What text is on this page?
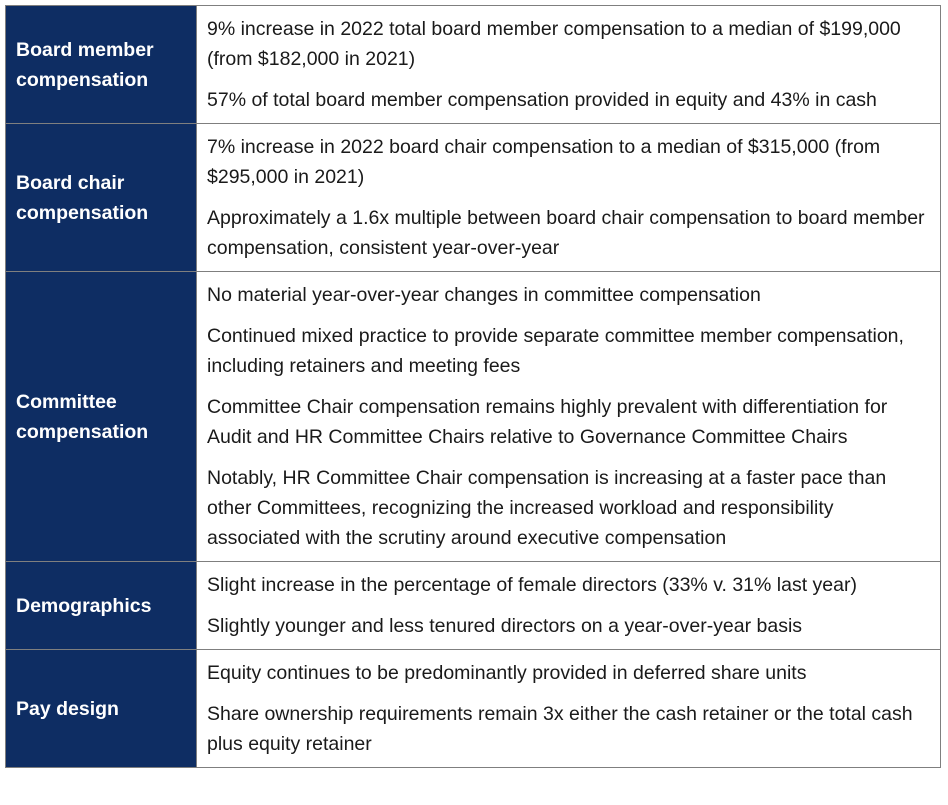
Board member compensation	9% increase in 2022 total board member compensation to a median of $199,000 (from $182,000 in 2021)

57% of total board member compensation provided in equity and 43% in cash

Board chair compensation	7% increase in 2022 board chair compensation to a median of $315,000 (from $295,000 in 2021)

Approximately a 1.6x multiple between board chair compensation to board member compensation, consistent year-over-year

Committee compensation	No material year-over-year changes in committee compensation

Continued mixed practice to provide separate committee member compensation, including retainers and meeting fees

Committee Chair compensation remains highly prevalent with differentiation for Audit and HR Committee Chairs relative to Governance Committee Chairs

Notably, HR Committee Chair compensation is increasing at a faster pace than other Committees, recognizing the increased workload and responsibility associated with the scrutiny around executive compensation

Demographics	Slight increase in the percentage of female directors (33% v. 31% last year)

Slightly younger and less tenured directors on a year-over-year basis

Pay design	Equity continues to be predominantly provided in deferred share units

Share ownership requirements remain 3x either the cash retainer or the total cash plus equity retainer
